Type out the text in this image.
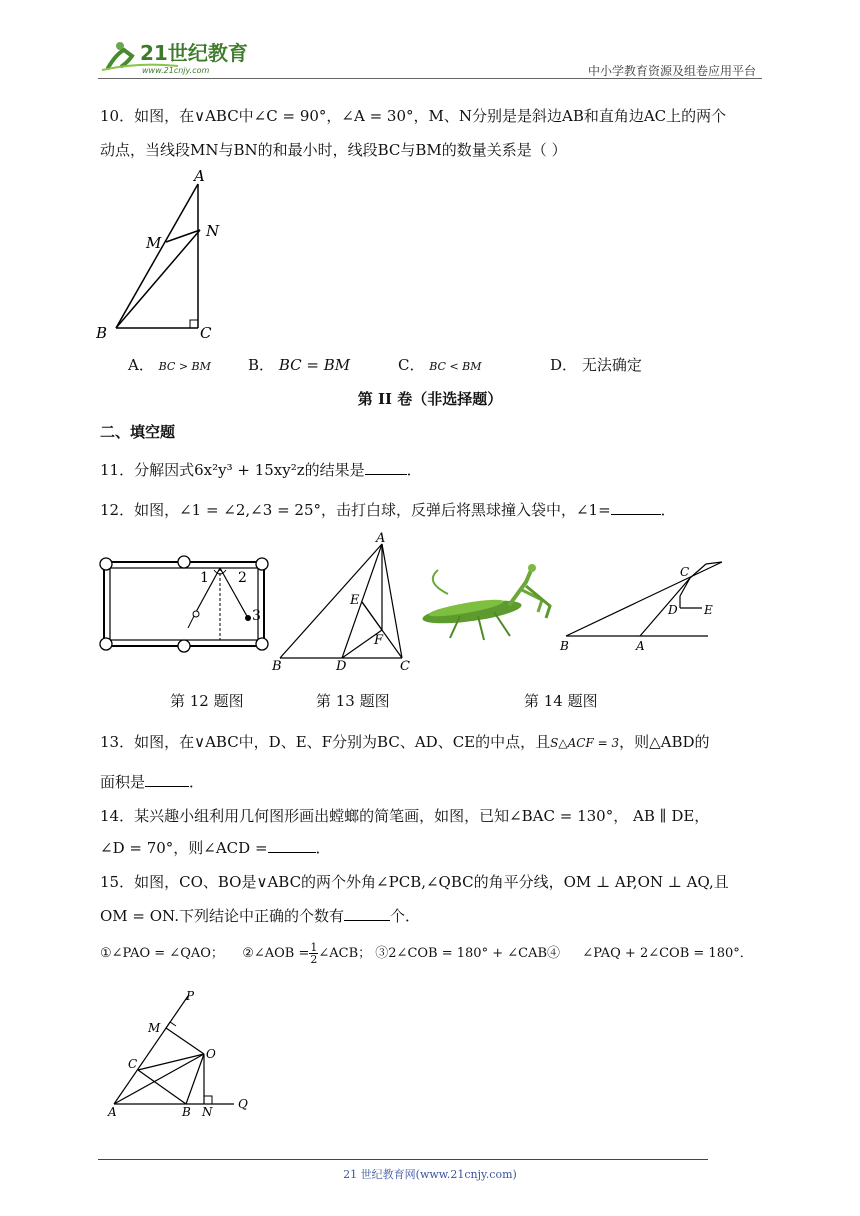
21世纪教育
www.21cnjy.com	中小学教育资源及组卷应用平台
10．如图，在∨ABC中∠C = 90°，∠A = 30°，M、N分别是是斜边AB和直角边AC上的两个
动点，当线段MN与BN的和最小时，线段BC与BM的数量关系是（ ）
A
B	C
M
N
A． BC > BM B． BC = BM	C． BC < BM	D． 无法确定
第 II 卷（非选择题）
二、填空题
11．分解因式6x²y³ + 15xy²z的结果是	．
12．如图，∠1 = ∠2,∠3 = 25°，击打白球，反弹后将黑球撞入袋中，∠1=	．
1 2
3
A
B	C
D
E
F	B	A
C
D E
第 12 题图	第 13 题图	第 14 题图
13．如图，在∨ABC中，D、E、F分别为BC、AD、CE的中点，且S△ACF = 3，则△ABD的
面积是	．
14．某兴趣小组利用几何图形画出螳螂的简笔画，如图，已知∠BAC = 130°， AB ∥ DE，
∠D = 70°，则∠ACD =	．
15．如图，CO、BO是∨ABC的两个外角∠PCB,∠QBC的角平分线，OM ⊥ AP,ON ⊥ AQ,且
OM = ON.下列结论中正确的个数有	个．
①∠PAO = ∠QAO； ②∠AOB = $\frac{1}{2}$ ∠ACB； ③2∠COB = 180° + ∠CAB④ ∠PAQ + 2∠COB = 180°．
P
M
C
O
A	B N
Q
21 世纪教育网(www.21cnjy.com)
